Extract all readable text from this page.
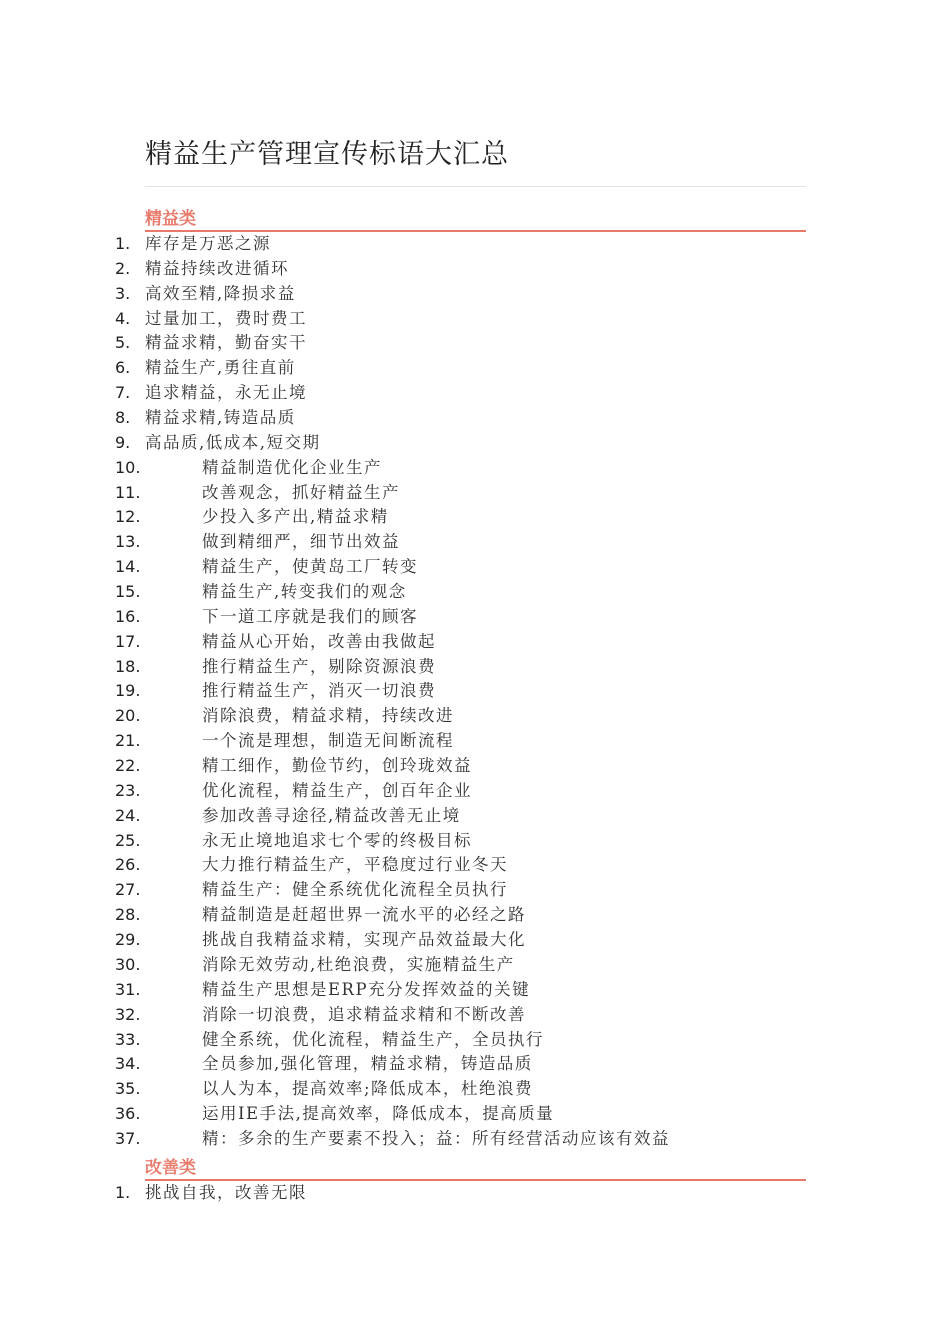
精益生产管理宣传标语大汇总
精益类
1. 库存是万恶之源
2. 精益持续改进循环
3. 高效至精,降损求益
4. 过量加工，费时费工
5. 精益求精，勤奋实干
6. 精益生产,勇往直前
7. 追求精益，永无止境
8. 精益求精,铸造品质
9. 高品质,低成本,短交期
10.	精益制造优化企业生产
11.	改善观念，抓好精益生产
12.	少投入多产出,精益求精
13.	做到精细严，细节出效益
14.	精益生产，使黄岛工厂转变
15.	精益生产,转变我们的观念
16.	下一道工序就是我们的顾客
17.	精益从心开始，改善由我做起
18.	推行精益生产，剔除资源浪费
19.	推行精益生产，消灭一切浪费
20.	消除浪费，精益求精，持续改进
21.	一个流是理想，制造无间断流程
22.	精工细作，勤俭节约，创玲珑效益
23.	优化流程，精益生产，创百年企业
24.	参加改善寻途径,精益改善无止境
25.	永无止境地追求七个零的终极目标
26.	大力推行精益生产，平稳度过行业冬天
27.	精益生产：健全系统优化流程全员执行
28.	精益制造是赶超世界一流水平的必经之路
29.	挑战自我精益求精，实现产品效益最大化
30.	消除无效劳动,杜绝浪费，实施精益生产
31.	精益生产思想是ERP充分发挥效益的关键
32.	消除一切浪费，追求精益求精和不断改善
33.	健全系统，优化流程，精益生产，全员执行
34.	全员参加,强化管理，精益求精，铸造品质
35.	以人为本，提高效率;降低成本，杜绝浪费
36.	运用IE手法,提高效率，降低成本，提高质量
37.	精：多余的生产要素不投入；益：所有经营活动应该有效益
改善类
1. 挑战自我，改善无限
